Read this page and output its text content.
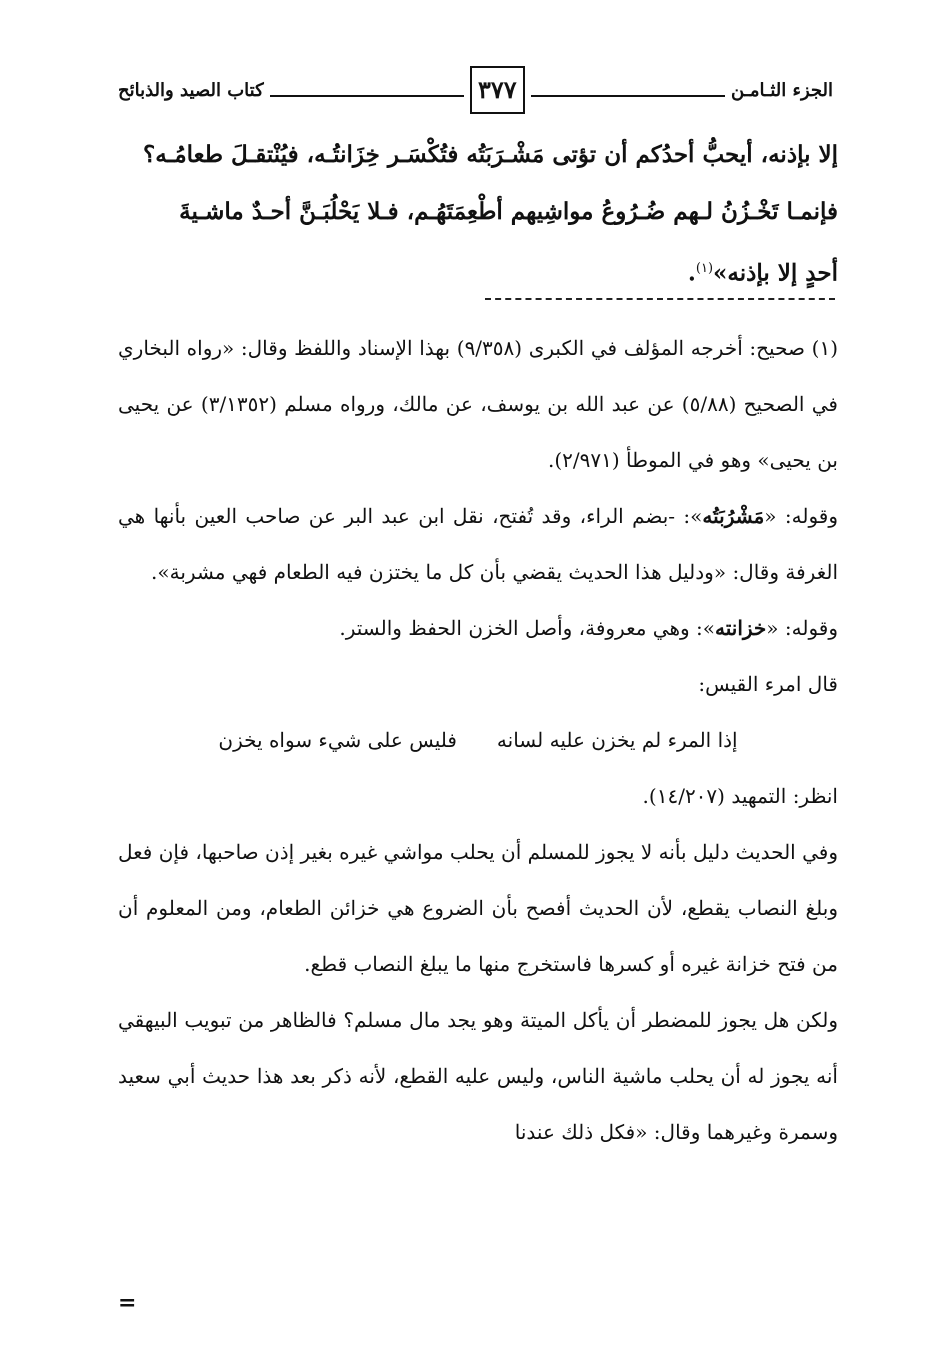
الجزء الثـامـن
٣٧٧
كتاب الصيد والذبائح

إلا بإذنه، أيحبُّ أحدُكم أن تؤتى مَشْـرَبَتُه فتُكْسَـر خِزَانتُـه، فيُنْتقـلَ طعامُـه؟

فإنمـا تَخْـزُنُ لـهم ضُـرُوعُ مواشِيهم أطْعِمَتَهُـم، فـلا يَحْلُبَـنَّ أحـدٌ ماشـيةَ

أحدٍ إلا بإذنه»$^{(١)}$.

(١) صحيح: أخرجه المؤلف في الكبرى (٩/٣٥٨) بهذا الإسناد واللفظ وقال: «رواه البخاري في الصحيح (٥/٨٨) عن عبد الله بن يوسف، عن مالك، ورواه مسلم (٣/١٣٥٢) عن يحيى بن يحيى» وهو في الموطأ (٢/٩٧١).

وقوله: «مَشْرُبَتُه»: -بضم الراء، وقد تُفتح، نقل ابن عبد البر عن صاحب العين بأنها هي الغرفة وقال: «ودليل هذا الحديث يقضي بأن كل ما يختزن فيه الطعام فهي مشربة».

وقوله: «خزانته»: وهي معروفة، وأصل الخزن الحفظ والستر.

قال امرء القيس:

إذا المرء لم يخزن عليه لسانه
فليس على شيء سواه يخزن

انظر: التمهيد (١٤/٢٠٧).

وفي الحديث دليل بأنه لا يجوز للمسلم أن يحلب مواشي غيره بغير إذن صاحبها، فإن فعل وبلغ النصاب يقطع، لأن الحديث أفصح بأن الضروع هي خزائن الطعام، ومن المعلوم أن من فتح خزانة غيره أو كسرها فاستخرج منها ما يبلغ النصاب قطع.

ولكن هل يجوز للمضطر أن يأكل الميتة وهو يجد مال مسلم؟ فالظاهر من تبويب البيهقي أنه يجوز له أن يحلب ماشية الناس، وليس عليه القطع، لأنه ذكر بعد هذا حديث أبي سعيد وسمرة وغيرهما وقال: «فكل ذلك عندنا

=
